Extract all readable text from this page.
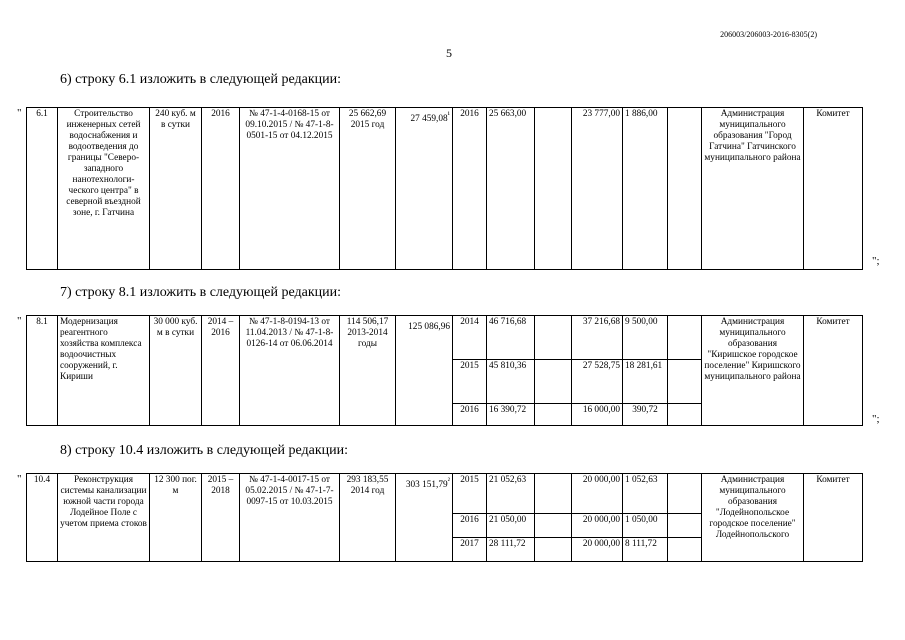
206003/206003-2016-8305(2)
5
6) строку 6.1 изложить в следующей редакции:
" 6.1	Строительство инженерных сетей водоснабжения и водоотведения до границы "Северо-западного нанотехнологи-ческого центра" в северной въездной зоне, г. Гатчина	240 куб. м в сутки	2016	№ 47-1-4-0168-15 от 09.10.2015 / № 47-1-8-0501-15 от 04.12.2015	25 662,69 2015 год	27 $459,08^{^1}$	2016	25 663,00		23 777,00	1 886,00		Администрация муниципального образования "Город Гатчина" Гатчинского муниципального района	Комитет
";
7) строку 8.1 изложить в следующей редакции:
" 8.1	Модернизация реагентного хозяйства комплекса водоочистных сооружений, г. Кириши	30 000 куб. м в сутки	2014 – 2016	№ 47-1-8-0194-13 от 11.04.2013 / № 47-1-8-0126-14 от 06.06.2014	114 506,17 2013-2014 годы	125 086,96	2014	46 716,68		37 216,68	9 500,00		Администрация муниципального образования "Киришское городское поселение" Киришского муниципального района	Комитет
							2015	45 810,36		27 528,75	18 281,61			
							2016	16 390,72		16 000,00	390,72			
";
8) строку 10.4 изложить в следующей редакции:
" 10.4	Реконструкция системы канализации южной части города Лодейное Поле с учетом приема стоков	12 300 пог. м	2015 – 2018	№ 47-1-4-0017-15 от 05.02.2015 / № 47-1-7-0097-15 от 10.03.2015	293 183,55 2014 год	303 $151,79^{^2}$	2015	21 052,63		20 000,00	1 052,63		Администрация муниципального образования "Лодейнопольское городское поселение" Лодейнопольского	Комитет
							2016	21 050,00		20 000,00	1 050,00			
							2017	28 111,72		20 000,00	8 111,72			
